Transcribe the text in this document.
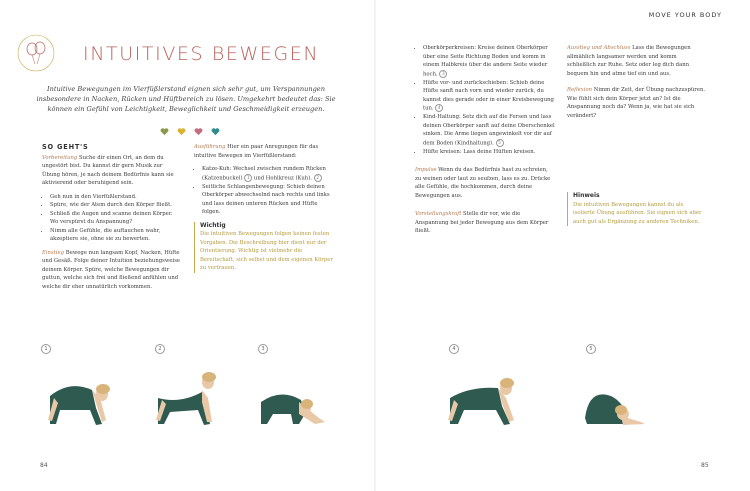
MOVE YOUR BODY
INTUITIVES BEWEGEN
Intuitive Bewegungen im Vierfüßlerstand eignen sich sehr gut, um Verspannungen insbesondere in Nacken, Rücken und Hüftbereich zu lösen. Umgekehrt bedeutet das: Sie können ein Gefühl von Leichtigkeit, Beweglichkeit und Geschmeidigkeit erzeugen.

SO GEHT'S

Vorbereitung Suche dir einen Ort, an dem du ungestört bist. Du kannst dir gern Musik zur Übung hören, je nach deinem Bedürfnis kann sie aktivierend oder beruhigend sein.

• Geh nun in den Vierfüßlerstand.
• Spüre, wie der Atem durch den Körper fließt.
• Schließ die Augen und scanne deinen Körper. Wo verspürst du Anspannung?
• Nimm alle Gefühle, die auftauchen wahr, akzeptiere sie, ohne sie zu bewerten.

Einstieg Bewege nun langsam Kopf, Nacken, Hüfte und Gesäß. Folge deiner Intuition beziehungsweise deinem Körper. Spüre, welche Bewegungen dir guttun, welche sich frei und fließend anfühlen und welche dir eher unnatürlich vorkommen.

Ausführung Hier ein paar Anregungen für das intuitive Bewegen im Vierfüßlerstand:

• Katze-Kuh: Wechsel zwischen rundem Rücken (Katzenbuckel) 1 und Hohlkreuz (Kuh). 2
• Seitliche Schlangenbewegung: Schieb deinen Oberkörper abwechselnd nach rechts und links und lass deinen unteren Rücken und Hüfte folgen.
Wichtig
Die intuitiven Bewegungen folgen keinen festen Vorgaben. Die Beschreibung hier dient nur der Orientierung. Wichtig ist vielmehr die Bereitschaft, sich selbst und dem eigenen Körper zu vertrauen.
• Oberkörperkreisen: Kreise deinen Oberkörper über eine Seite Richtung Boden und komm in einem Halbkreis über die andere Seite wieder hoch. 3
• Hüfte vor- und zurückschieben: Schieb deine Hüfte sanft nach vorn und wieder zurück, du kannst dies gerade oder in einer Kreisbewegung tun. 4
• Kind-Haltung: Setz dich auf die Fersen und lass deinen Oberkörper sanft auf deine Oberschenkel sinken. Die Arme liegen angewinkelt vor dir auf dem Boden (Kindhaltung). 5
• Hüfte kreisen: Lass deine Hüften kreisen.

Impulse Wenn du das Bedürfnis hast zu schreien, zu weinen oder laut zu seufzen, lass es zu. Drücke alle Gefühle, die hochkommen, durch deine Bewegungen aus.

Vorstellungskraft Stelle dir vor, wie die Anspannung bei jeder Bewegung aus dem Körper fließt.

Ausstieg und Abschluss Lass die Bewegungen allmählich langsamer werden und komm schließlich zur Ruhe. Setz oder leg dich dann bequem hin und atme tief ein und aus.

Reflexion Nimm dir Zeit, der Übung nachzuspüren. Wie fühlt sich dein Körper jetzt an? Ist die Anspannung noch da? Wenn ja, wie hat sie sich verändert?

Hinweis
Die intuitiven Bewegungen kannst du als isolierte Übung ausführen. Sie eignen sich aber auch gut als Ergänzung zu anderen Techniken.
1	2	3	4	5
84	85
